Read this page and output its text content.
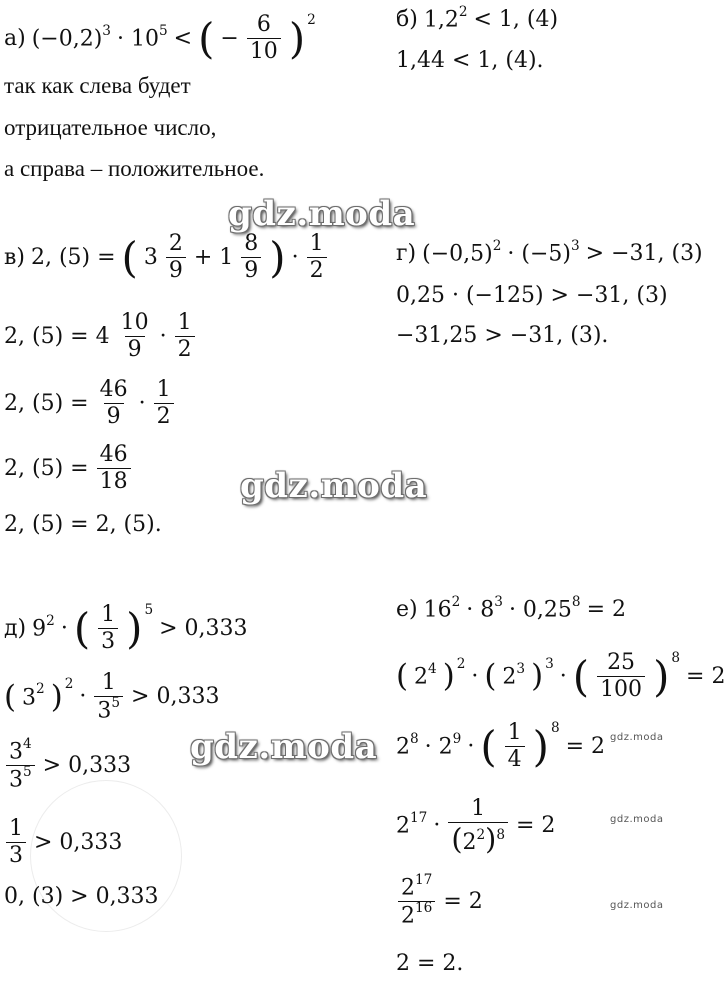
а) $(-0,2)^3 \cdot 10^5$ < ( − $\frac{6}{10} )^2$
так как слева будет
отрицательное число,
а справа – положительное.
б) $1,2^2 < 1$, (4)
1,44 < 1, (4).
gdz.moda
в) 2, (5) = ( $3 \frac{2}{9} + 1 \frac{8}{9}$ ) · $\frac{1}{2}$
2, $(5) = 4 \frac{10}{9} \cdot \frac{1}{2}$
2, $(5) = \frac{46}{9} \cdot \frac{1}{2}$
2, $(5) = \frac{46}{18}$
2, (5) = 2, (5).
gdz.moda
г) $(-0,5)^2 \cdot (-5)^3 > -31$, (3)
0,25 · (−125) > −31, (3)
−31,25 > −31, (3).
д) $9^2$ · ( $\frac{1}{3} )^5$
> 0,333
( $3^2$ )$^2 \cdot \frac{1}{3^5} > 0,333$
$\frac{3^4}{3^5} > 0,333$
$\frac{1}{3} > 0,333$
0, (3) > 0,333
gdz.moda
е) $16^2 \cdot 8^3 \cdot 0,25^8 = 2$
( $2^4$ )$^2$ · ( $2^3$ )$^3$ · ( $\frac{25}{100} )^8$
= 2
$2^8 \cdot 2^9$ · ( $\frac{1}{4} )^8$
= 2
$2^{17} \cdot \frac{1}{(2^2)^8} = 2$
$\frac{2^{17}}{2^{16}} = 2$
2 = 2.
gdz.moda
gdz.moda
gdz.moda
